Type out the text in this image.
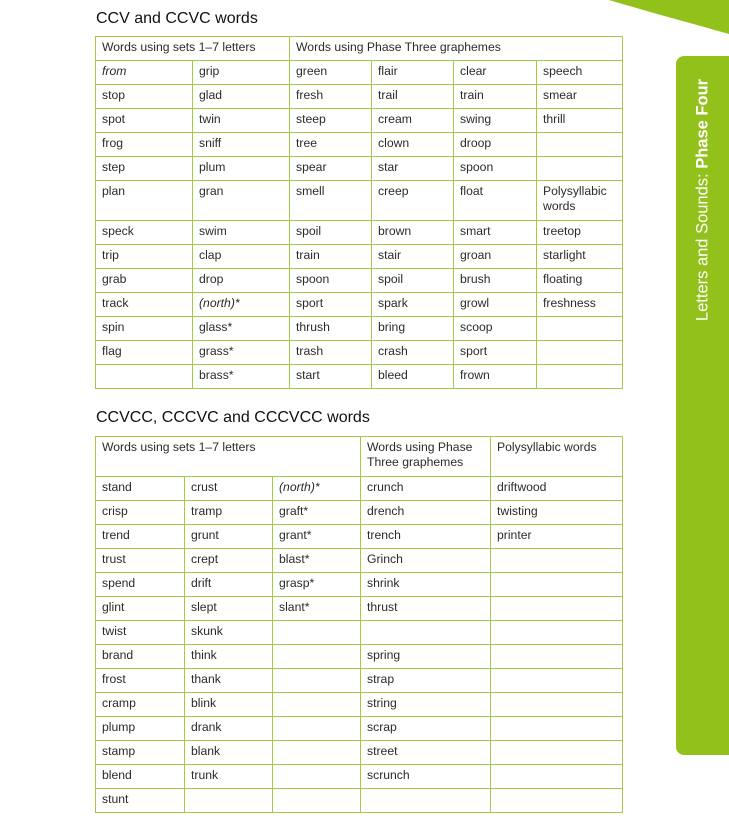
Letters and Sounds: Phase Four
CCV and CCVC words
Words using sets 1–7 letters		Words using Phase Three graphemes			
from	grip	green	flair	clear	speech
stop	glad	fresh	trail	train	smear
spot	twin	steep	cream	swing	thrill
frog	sniff	tree	clown	droop	
step	plum	spear	star	spoon	
plan	gran	smell	creep	float	Polysyllabic words
speck	swim	spoil	brown	smart	treetop
trip	clap	train	stair	groan	starlight
grab	drop	spoon	spoil	brush	floating
track	(north)*	sport	spark	growl	freshness
spin	glass*	thrush	bring	scoop	
flag	grass*	trash	crash	sport	
	brass*	start	bleed	frown	
CCVCC, CCCVC and CCCVCC words
Words using sets 1–7 letters			Words using Phase Three graphemes	Polysyllabic words
stand	crust	(north)*	crunch	driftwood
crisp	tramp	graft*	drench	twisting
trend	grunt	grant*	trench	printer
trust	crept	blast*	Grinch	
spend	drift	grasp*	shrink	
glint	slept	slant*	thrust	
twist	skunk			
brand	think		spring	
frost	thank		strap	
cramp	blink		string	
plump	drank		scrap	
stamp	blank		street	
blend	trunk		scrunch	
stunt				
